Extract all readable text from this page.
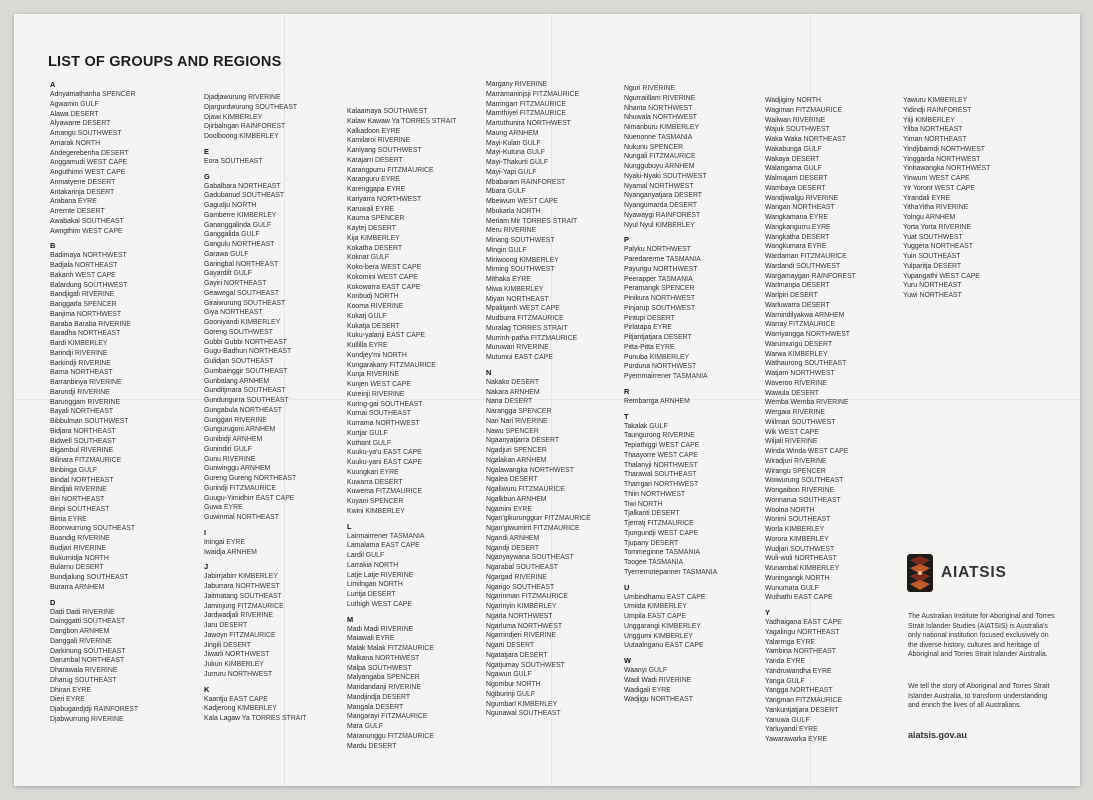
LIST OF GROUPS AND REGIONS
A
Adnyamathanha SPENCER
Agwamin GULF
Alawa DESERT
Alyawarre DESERT
Amangu SOUTHWEST
Amarak NORTH
Andegerebenha DESERT
Anggamudi WEST CAPE
Anguthimri WEST CAPE
Anmatyerre DESERT
Antakarinja DESERT
Arabana EYRE
Arrernte DESERT
Awabakal SOUTHEAST
Awngthim WEST CAPE
B
Badimaya NORTHWEST
Badjala NORTHEAST
Bakanh WEST CAPE
Balardung SOUTHWEST
Bandjigali RIVERINE
Banggarla SPENCER
Banjima NORTHWEST
Baraba Baraba RIVERINE
Baradha NORTHEAST
Bardi KIMBERLEY
Barindji RIVERINE
Barkindji RIVERINE
Barna NORTHEAST
Barranbinya RIVERINE
Barundji RIVERINE
Barunggam RIVERINE
Bayali NORTHEAST
Bibbulman SOUTHWEST
Bidjara NORTHEAST
Bidwell SOUTHEAST
Bigambul RIVERINE
Bilinara FITZMAURICE
Binbinga GULF
Bindal NORTHEAST
Bindjali RIVERINE
Biri NORTHEAST
Biripi SOUTHEAST
Birria EYRE
Boonwurrung SOUTHEAST
Buandig RIVERINE
Budjari RIVERINE
Bukurnidja NORTH
Bularnu DESERT
Bundjalung SOUTHEAST
Burarra ARNHEM
D
Dadi Dadi RIVERINE
Dainggatti SOUTHEAST
Dangbon ARNHEM
Danggali RIVERINE
Darkinung SOUTHEAST
Darumbal NORTHEAST
Dharawala RIVERINE
Dharug SOUTHEAST
Dhirari EYRE
Dieri EYRE
Djabugandjdji RAINFOREST
Djabwurrung RIVERINE
Djadjawurung RIVERINE
Djargurdwurung SOUTHEAST
Djawi KIMBERLEY
Djirbalngan RAINFOREST
Doolboong KIMBERLEY
E
Eora SOUTHEAST
G
Gabalbara NORTHEAST
Gadubanud SOUTHEAST
Gagudju NORTH
Gamberre KIMBERLEY
Gananggalinda GULF
Ganggalida GULF
Gangulu NORTHEAST
Garawa GULF
Garingbal NORTHEAST
Gayardilt GULF
Gayiri NORTHEAST
Geawegal SOUTHEAST
Giraiwurung SOUTHEAST
Giya NORTHEAST
Gooniyandi KIMBERLEY
Goreng SOUTHWEST
Gubbi Gubbi NORTHEAST
Gugu-Badhun NORTHEAST
Gulidjan SOUTHEAST
Gumbainggir SOUTHEAST
Gunbalang ARNHEM
Gunditjmara SOUTHEAST
Gundungurra SOUTHEAST
Gungabula NORTHEAST
Gunggari RIVERINE
Gungurugoni ARNHEM
Gunibidji ARNHEM
Gunindiri GULF
Gunu RIVERINE
Gunwinggu ARNHEM
Gureng Gureng NORTHEAST
Gurindji FITZMAURICE
Guugu-Yimidhirr EAST CAPE
Guwa EYRE
Guwinmal NORTHEAST
I
Iningai EYRE
Iwaidja ARNHEM
J
Jabirrjabirr KIMBERLEY
Jaburrara NORTHWEST
Jaitmatang SOUTHEAST
Jaminjung FITZMAURICE
Jardwadjali RIVERINE
Jaru DESERT
Jawoyn FITZMAURICE
Jingili DESERT
Jiwarli NORTHWEST
Jukun KIMBERLEY
Jurruru NORTHWEST
K
Kaantju EAST CAPE
Kadjerong KIMBERLEY
Kala Lagaw Ya TORRES STRAIT
Kalaamaya SOUTHWEST
Kalaw Kawaw Ya TORRES STRAIT
Kalkadoon EYRE
Kamilaroi RIVERINE
Kaniyang SOUTHWEST
Karajarri DESERT
Karangpurru FITZMAURICE
Karanguru EYRE
Karenggapa EYRE
Kariyarra NORTHWEST
Karuwali EYRE
Kaurna SPENCER
Kaytej DESERT
Kija KIMBERLEY
Kokatha DESERT
Koknar GULF
Koko-bera WEST CAPE
Kokomini WEST CAPE
Kokowarra EAST CAPE
Konbudj NORTH
Kooma RIVERINE
Kukatj GULF
Kukatja DESERT
Kuku-yalanji EAST CAPE
Kullilla EYRE
Kundjey'mi NORTH
Kungarakany FITZMAURICE
Kunja RIVERINE
Kunjen WEST CAPE
Kureinji RIVERINE
Kuring-gai SOUTHEAST
Kurnai SOUTHEAST
Kurrama NORTHWEST
Kurtjar GULF
Kuthant GULF
Kuuku-ya'u EAST CAPE
Kuuku-yani EAST CAPE
Kuungkari EYRE
Kuwarra DESERT
Kuwema FITZMAURICE
Kuyani SPENCER
Kwini KIMBERLEY
L
Lairmairrener TASMANIA
Lamalama EAST CAPE
Lardil GULF
Larrakia NORTH
Latje Latje RIVERINE
Limilngan NORTH
Luritja DESERT
Luthigh WEST CAPE
M
Madi Madi RIVERINE
Maiawali EYRE
Malak Malak FITZMAURICE
Malkana NORTHWEST
Malpa SOUTHWEST
Malyangaba SPENCER
Mandandanji RIVERINE
Mandjindja DESERT
Mangala DESERT
Mangarayi FITZMAURICE
Mara GULF
Maranunggu FITZMAURICE
Mardu DESERT
Margany RIVERINE
Marramaninjsji FITZMAURICE
Marringarr FITZMAURICE
Marrithiyel FITZMAURICE
Martuthunira NORTHWEST
Maung ARNHEM
Mayi-Kulan GULF
Mayi-Kutuna GULF
Mayi-Thakurti GULF
Mayi-Yapi GULF
Mbabaram RAINFOREST
Mbara GULF
Mbeiwum WEST CAPE
Mbukarla NORTH
Meriam Mir TORRES STRAIT
Meru RIVERINE
Minang SOUTHWEST
Mingin GULF
Miriwoong KIMBERLEY
Mirning SOUTHWEST
Mithaka EYRE
Miwa KIMBERLEY
Miyan NORTHEAST
Mpalitjanh WEST CAPE
Mudburra FITZMAURICE
Muralag TORRES STRAIT
Murrinh-patha FITZMAURICE
Muruwari RIVERINE
Mutumui EAST CAPE
N
Nakako DESERT
Nakara ARNHEM
Nana DESERT
Narangga SPENCER
Nari Nari RIVERINE
Nawu SPENCER
Ngaanyatjarra DESERT
Ngadjuri SPENCER
Ngalakan ARNHEM
Ngalawangka NORTHWEST
Ngalea DESERT
Ngaliwuru FITZMAURICE
Ngalkbun ARNHEM
Ngamini EYRE
Ngan'gikurunggurr FITZMAURICE
Ngan'giwumirri FITZMAURICE
Ngandi ARNHEM
Ngandji DESERT
Nganyaywana SOUTHEAST
Ngarabal SOUTHEAST
Ngargad RIVERINE
Ngarigo SOUTHEAST
Ngarinman FITZMAURICE
Ngarinyin KIMBERLEY
Ngarla NORTHWEST
Ngarluma NORTHWEST
Ngarrindjeri RIVERINE
Ngarti DESERT
Ngatatjara DESERT
Ngatjumay SOUTHWEST
Ngawun GULF
Ngombur NORTH
Ngiburinji GULF
Ngumbarl KIMBERLEY
Ngunawal SOUTHEAST
Nguri RIVERINE
Ngurraiillam RIVERINE
Nhanta NORTHWEST
Nhuwala NORTHWEST
Nimanburu KIMBERLEY
Nuenonne TASMANIA
Nukunu SPENCER
Nungali FITZMAURICE
Nunggubuyu ARNHEM
Nyaki-Nyaki SOUTHWEST
Nyamal NORTHWEST
Nyanganyatjara DESERT
Nyangumarda DESERT
Nyawaygi RAINFOREST
Nyul Nyul KIMBERLEY
P
Palyku NORTHWEST
Paredarerme TASMANIA
Payungu NORTHWEST
Peerapper TASMANIA
Peramangk SPENCER
Pinikura NORTHWEST
Pinjarup SOUTHWEST
Pintupi DESERT
Pirlatapa EYRE
Pitjantjatjara DESERT
Pitta-Pitta EYRE
Punuba KIMBERLEY
Purduna NORTHWEST
Pyemmairrener TASMANIA
R
Rembarrga ARNHEM
T
Takalak GULF
Taungurong RIVERINE
Tepiathiggi WEST CAPE
Thaayorre WEST CAPE
Thalanyji NORTHWEST
Tharawal SOUTHEAST
Tharrgari NORTHWEST
Thiin NORTHWEST
Tiwi NORTH
Tjalkanti DESERT
Tjerratj FITZMAURICE
Tjungundji WEST CAPE
Tjupany DESERT
Tommeginne TASMANIA
Toogee TASMANIA
Tyerrernotepanner TASMANIA
U
Umbindhamu EAST CAPE
Umiida KIMBERLEY
Umpila EAST CAPE
Unggarangi KIMBERLEY
Unggumi KIMBERLEY
Uutaalnganu EAST CAPE
W
Waanyi GULF
Wadi Wadi RIVERINE
Wadigali EYRE
Wadjigu NORTHEAST
Wadjiginy NORTH
Wagiman FITZMAURICE
Wailwan RIVERINE
Wajuk SOUTHWEST
Waka Waka NORTHEAST
Wakabunga GULF
Wakaya DESERT
Walangama GULF
Walmajarri DESERT
Wambaya DESERT
Wandjiwalgu RIVERINE
Wangan NORTHEAST
Wangkamana EYRE
Wangkangurru EYRE
Wangkatha DESERT
Wangkumara EYRE
Wardaman FITZMAURICE
Wardandi SOUTHWEST
Wargamaygan RAINFOREST
Warlmanpa DESERT
Warlpiri DESERT
Warluwarra DESERT
Warnindilyakwa ARNHEM
Warray FITZMAURICE
Warriyangga NORTHWEST
Warumungu DESERT
Warwa KIMBERLEY
Wathaurong SOUTHEAST
Watjarri NORTHWEST
Waveroo RIVERINE
Wawula DESERT
Wemba Wemba RIVERINE
Wergaia RIVERINE
Wiilman SOUTHWEST
Wik WEST CAPE
Wiljali RIVERINE
Winda Winda WEST CAPE
Wiradjuri RIVERINE
Wirangu SPENCER
Woiwurung SOUTHEAST
Wongaibon RIVERINE
Wonnarua SOUTHEAST
Woolna NORTH
Worimi SOUTHEAST
Worla KIMBERLEY
Worora KIMBERLEY
Wudjari SOUTHWEST
Wuli-wuli NORTHEAST
Wunambal KIMBERLEY
Wuningangk NORTH
Wunumara GULF
Wuthathi EAST CAPE
Y
Yadhaigana EAST CAPE
Yagalingu NORTHEAST
Yalarrnga EYRE
Yambina NORTHEAST
Yanda EYRE
Yandruwandha EYRE
Yanga GULF
Yangga NORTHEAST
Yangman FITZMAURICE
Yankuntjatjara DESERT
Yanuwa GULF
Yarluyandi EYRE
Yawarawarka EYRE
Yawuru KIMBERLEY
Yidindji RAINFOREST
Yiiji KIMBERLEY
Yilba NORTHEAST
Yiman NORTHEAST
Yindjibarndi NORTHWEST
Yinggarda NORTHWEST
Yinhawangka NORTHWEST
Yinwum WEST CAPE
Yir Yoront WEST CAPE
Yirandali EYRE
YithaYitha RIVERINE
Yolngu ARNHEM
Yorta Yorta RIVERINE
Yuat SOUTHWEST
Yuggera NORTHEAST
Yuin SOUTHEAST
Yulparitja DESERT
Yupangathi WEST CAPE
Yuru NORTHEAST
Yuwi NORTHEAST
AIATSIS

The Australian Institute for Aboriginal and Torres Strait Islander Studies (AIATSIS) is Australia's only national institution focused exclusively on the diverse history, cultures and heritage of Aboriginal and Torres Strait Islander Australia.

We tell the story of Aboriginal and Torres Strait Islander Australia, to transform understanding and enrich the lives of all Australians.

aiatsis.gov.au
